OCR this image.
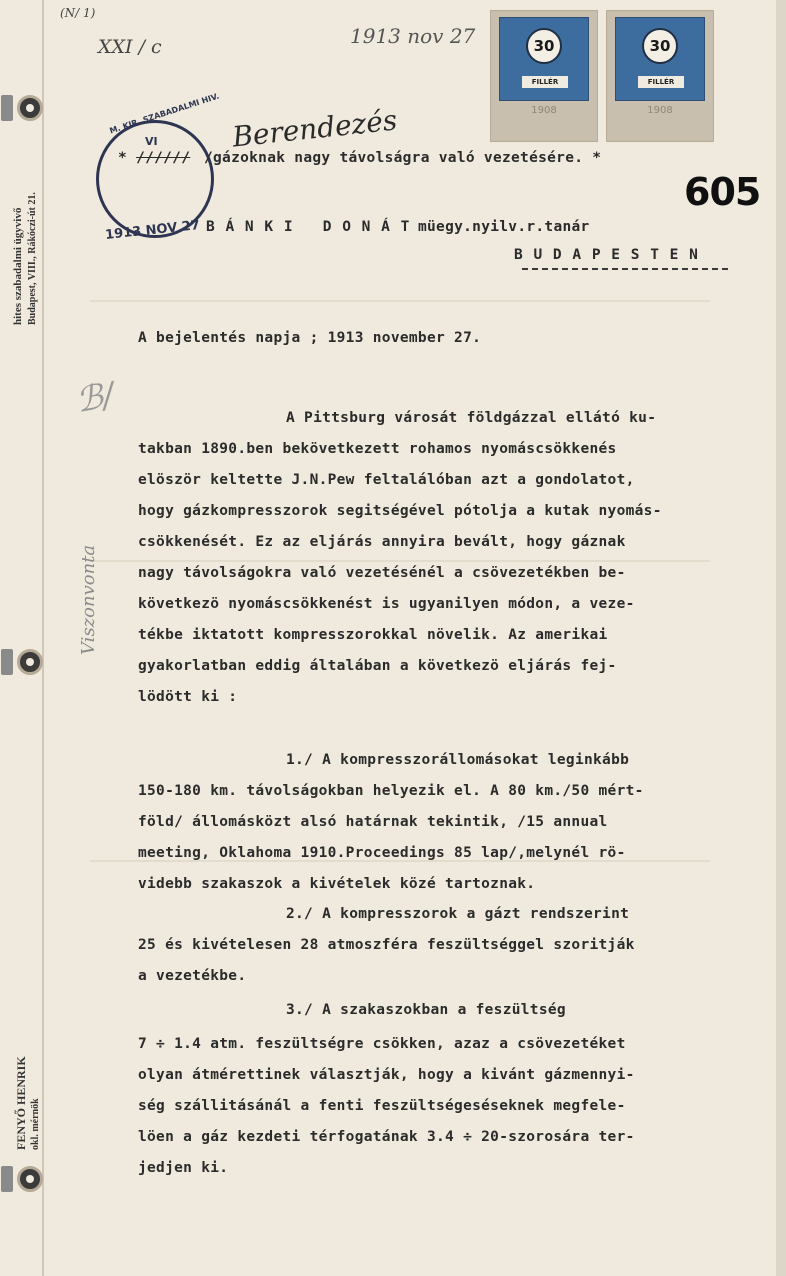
hites szabadalmi ügyvivő Budapest, VIII., Rákóczi-út 21.
FENYŐ HENRIK okl. mérnök
Viszonvonta
ℬ/
(N/ 1)
XXI / c	1913 nov 27	30
FILLÉR
1908
30
FILLÉR
1908
M. KIR. SZABADALMI HIV.
VI
1913 NOV 27
Berendezés
* ////// /gázoknak nagy távolságra való vezetésére. *
605
B Á N K I   D O N Á T müegy.nyilv.r.tanár
B U D A P E S T E N
A bejelentés napja ; 1913 november 27.
A Pittsburg városát földgázzal ellátó ku-
takban 1890.ben bekövetkezett rohamos nyomáscsökkenés
elöször keltette J.N.Pew feltalálóban azt a gondolatot,
hogy gázkompresszorok segitségével pótolja a kutak nyomás-
csökkenését. Ez az eljárás annyira bevált, hogy gáznak
nagy távolságokra való vezetésénél a csövezetékben be-
következö nyomáscsökkenést is ugyanilyen módon, a veze-
tékbe iktatott kompresszorokkal növelik. Az amerikai
gyakorlatban eddig általában a következö eljárás fej-
lödött ki :
1./ A kompresszorállomásokat leginkább
150-180 km. távolságokban helyezik el. A 80 km./50 mért-
föld/ állomásközt alsó határnak tekintik, /15 annual
meeting, Oklahoma 1910.Proceedings 85 lap/,melynél rö-
videbb szakaszok a kivételek közé tartoznak.
2./ A kompresszorok a gázt rendszerint
25 és kivételesen 28 atmoszféra feszültséggel szoritják
a vezetékbe.
3./ A szakaszokban a feszültség
7 ÷ 1.4 atm. feszültségre csökken, azaz a csövezetéket
olyan átmérettinek választják, hogy a kivánt gázmennyi-
ség szállitásánál a fenti feszültségeséseknek megfele-
löen a gáz kezdeti térfogatának 3.4 ÷ 20-szorosára ter-
jedjen ki.
